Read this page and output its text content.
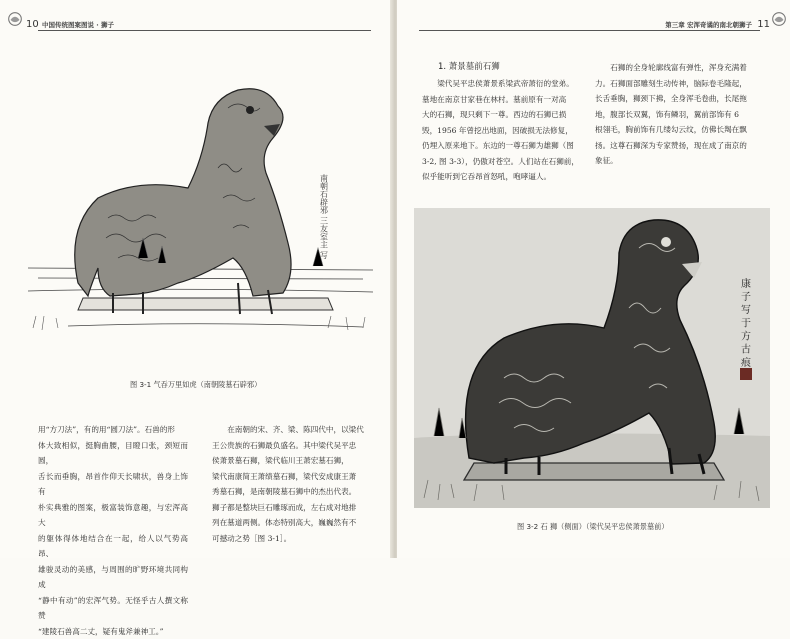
10 中国传统图案图说 · 狮子
南朝石辟邪 三友室主 写
图 3-1 气吞万里如虎（南朝陵墓石辟邪）

用“方刀法”，有的用“圆刀法”。石兽的形

体大致相似，挺胸曲腰，目瞪口张，颈短而圆，

舌长而垂胸，昂首作仰天长啸状，兽身上饰有

朴实典雅的图案，极富装饰意趣，与宏浑高大

的躯体得体地结合在一起，给人以气势高昂、

雄骏灵动的美感，与周围的旷野环境共同构成

“静中有动”的宏浑气势。无怪乎古人撰文称赞

“建陵石兽高二丈，疑有鬼斧兼神工。”

在南朝的宋、齐、梁、陈四代中，以梁代

王公贵族的石狮最负盛名。其中梁代吴平忠

侯萧景墓石狮，梁代临川王萧宏墓石狮，

梁代南康简王萧绩墓石狮，梁代安成康王萧

秀墓石狮，是南朝陵墓石狮中的杰出代表。

狮子都是整块巨石雕琢而成，左右成对地排

列在墓道两侧。体态特别高大，巍巍然有不

可撼动之势［图 3-1］。

第三章 宏浑奇谲的南北朝狮子 11
1. 萧景墓前石狮

梁代吴平忠侯萧景系梁武帝萧衍的堂弟。

墓地在南京甘家巷在林村。墓前原有一对高

大的石狮，现只剩下一尊。西边的石狮已损

毁，1956 年曾挖出地面，因破损无法修复，

仍埋入原来地下。东边的一尊石狮为雄狮（图

3-2, 图 3-3），仍傲对苍空。人们站在石狮前，

似乎能听到它吞昂首怒吼，咆哮逼人。

石狮的全身轮廓线富有弹性，浑身充满着

力。石狮面部雕刻生动传神，脑际卷毛隆起，

长舌垂胸，狮颈下拂，全身浑毛卷曲，长尾拖

地，腹部长双翼，饰有鳞羽，翼前部饰有 6

根翎毛，胸前饰有几缕勾云纹，仿佛长羯在飘

扬。这尊石狮深为专家赞扬，现在成了南京的

象征。

康 子 写 于 方 古 痕
图 3-2 石 狮（侧面）（梁代吴平忠侯萧景墓前）
